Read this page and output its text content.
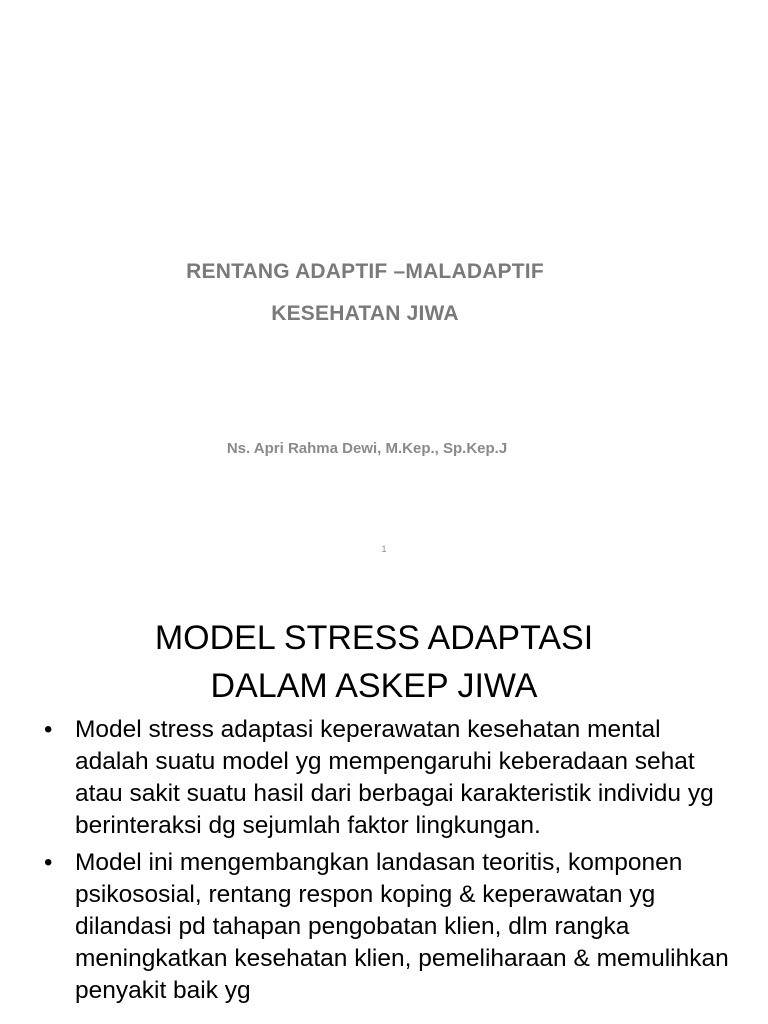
RENTANG ADAPTIF –MALADAPTIF
KESEHATAN JIWA
Ns. Apri Rahma Dewi, M.Kep., Sp.Kep.J
1
MODEL STRESS ADAPTASI
DALAM ASKEP JIWA
• Model stress adaptasi keperawatan kesehatan mental adalah suatu model yg mempengaruhi keberadaan sehat atau sakit suatu hasil dari berbagai karakteristik individu yg berinteraksi dg sejumlah faktor lingkungan.
• Model ini mengembangkan landasan teoritis, komponen psikososial, rentang respon koping & keperawatan yg dilandasi pd tahapan pengobatan klien, dlm rangka meningkatkan kesehatan klien, pemeliharaan & memulihkan penyakit baik yg
